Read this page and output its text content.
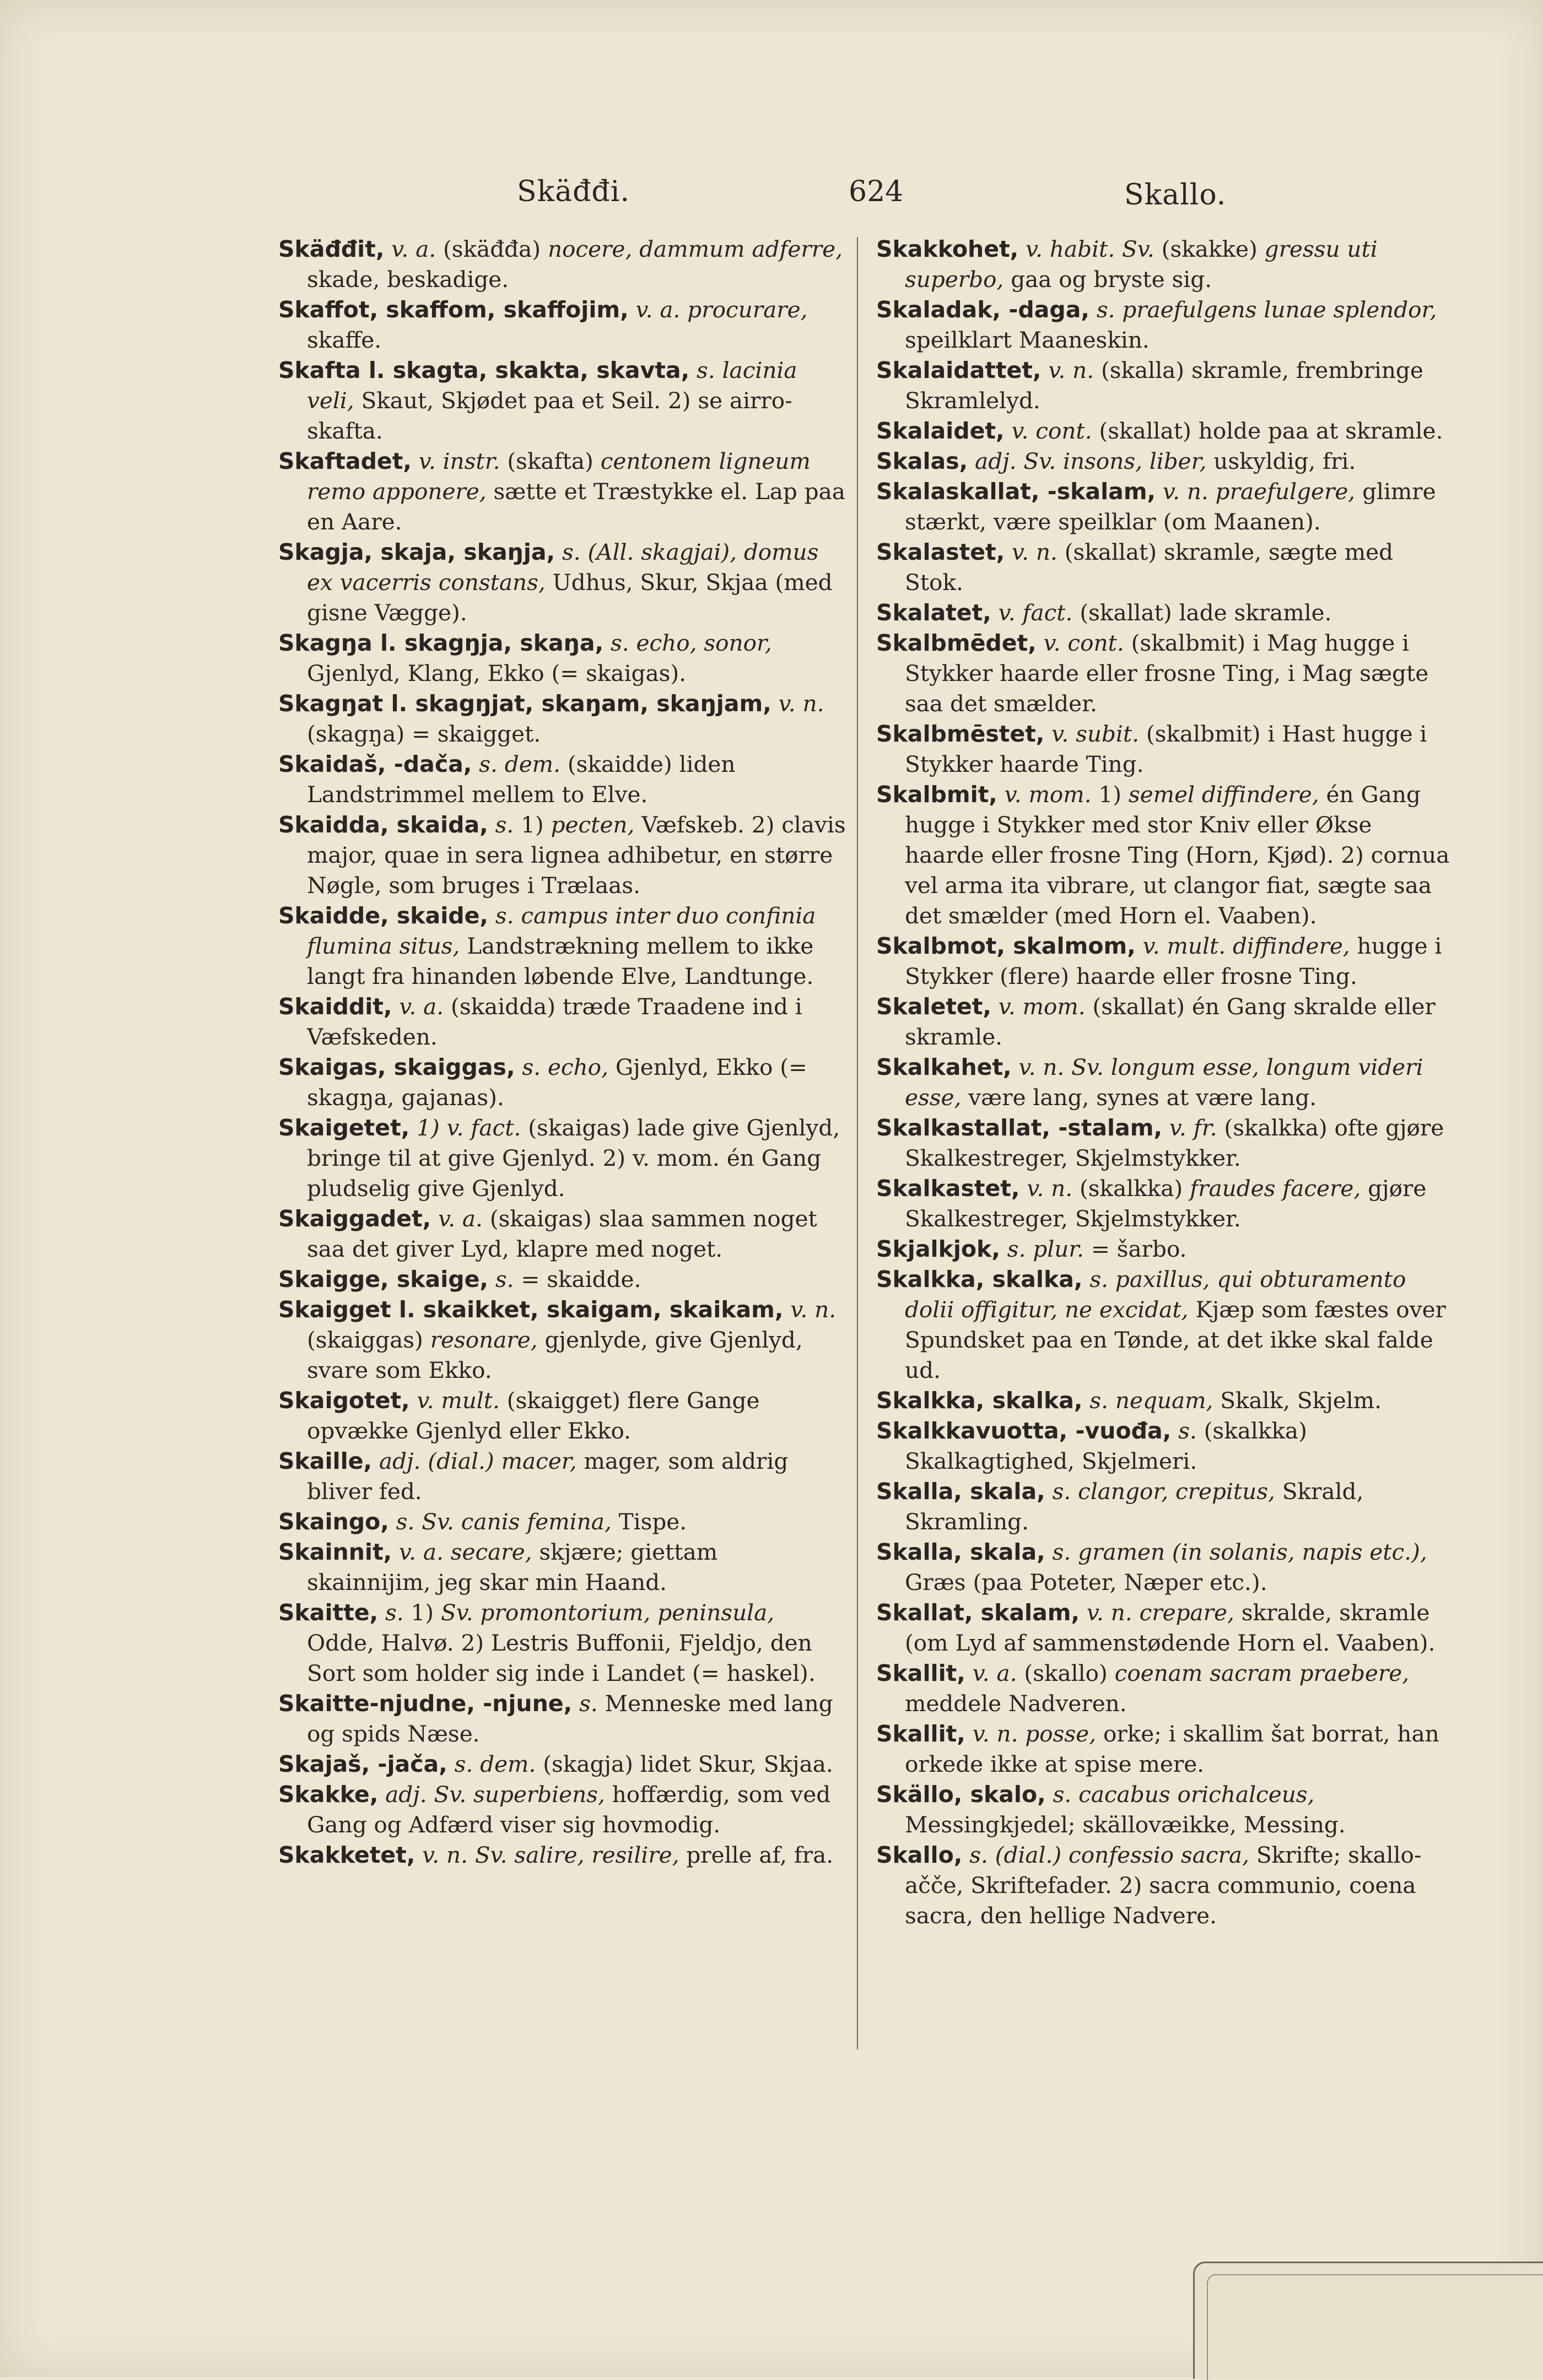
Skäđđi.	624	Skallo.

Skäđđit, v. a. (skäđđa) nocere, dammum adferre, skade, beskadige.

Skaffot, skaffom, skaffojim, v. a. procurare, skaffe.

Skafta l. skagta, skakta, skavta, s. lacinia veli, Skaut, Skjødet paa et Seil. 2) se airro-skafta.

Skaftadet, v. instr. (skafta) centonem ligneum remo apponere, sætte et Træstykke el. Lap paa en Aare.

Skagja, skaja, skaŋja, s. (All. skagjai), domus ex vacerris constans, Udhus, Skur, Skjaa (med gisne Vægge).

Skagŋa l. skagŋja, skaŋa, s. echo, sonor, Gjenlyd, Klang, Ekko (= skaigas).

Skagŋat l. skagŋjat, skaŋam, skaŋjam, v. n. (skagŋa) = skaigget.

Skaidaš, -dača, s. dem. (skaidde) liden Landstrimmel mellem to Elve.

Skaidda, skaida, s. 1) pecten, Væfskeb. 2) clavis major, quae in sera lignea adhibetur, en større Nøgle, som bruges i Trælaas.

Skaidde, skaide, s. campus inter duo confinia flumina situs, Landstrækning mellem to ikke langt fra hinanden løbende Elve, Landtunge.

Skaiddit, v. a. (skaidda) træde Traadene ind i Væfskeden.

Skaigas, skaiggas, s. echo, Gjenlyd, Ekko (= skagŋa, gajanas).

Skaigetet, 1) v. fact. (skaigas) lade give Gjenlyd, bringe til at give Gjenlyd. 2) v. mom. én Gang pludselig give Gjenlyd.

Skaiggadet, v. a. (skaigas) slaa sammen noget saa det giver Lyd, klapre med noget.

Skaigge, skaige, s. = skaidde.

Skaigget l. skaikket, skaigam, skaikam, v. n. (skaiggas) resonare, gjenlyde, give Gjenlyd, svare som Ekko.

Skaigotet, v. mult. (skaigget) flere Gange opvække Gjenlyd eller Ekko.

Skaille, adj. (dial.) macer, mager, som aldrig bliver fed.

Skaingo, s. Sv. canis femina, Tispe.

Skainnit, v. a. secare, skjære; giettam skainnijim, jeg skar min Haand.

Skaitte, s. 1) Sv. promontorium, peninsula, Odde, Halvø. 2) Lestris Buffonii, Fjeldjo, den Sort som holder sig inde i Landet (= haskel).

Skaitte-njudne, -njune, s. Menneske med lang og spids Næse.

Skajaš, -jača, s. dem. (skagja) lidet Skur, Skjaa.

Skakke, adj. Sv. superbiens, hoffærdig, som ved Gang og Adfærd viser sig hovmodig.

Skakketet, v. n. Sv. salire, resilire, prelle af, fra.

Skakkohet, v. habit. Sv. (skakke) gressu uti superbo, gaa og bryste sig.

Skaladak, -daga, s. praefulgens lunae splendor, speilklart Maaneskin.

Skalaidattet, v. n. (skalla) skramle, frembringe Skramlelyd.

Skalaidet, v. cont. (skallat) holde paa at skramle.

Skalas, adj. Sv. insons, liber, uskyldig, fri.

Skalaskallat, -skalam, v. n. praefulgere, glimre stærkt, være speilklar (om Maanen).

Skalastet, v. n. (skallat) skramle, sægte med Stok.

Skalatet, v. fact. (skallat) lade skramle.

Skalbmēdet, v. cont. (skalbmit) i Mag hugge i Stykker haarde eller frosne Ting, i Mag sægte saa det smælder.

Skalbmēstet, v. subit. (skalbmit) i Hast hugge i Stykker haarde Ting.

Skalbmit, v. mom. 1) semel diffindere, én Gang hugge i Stykker med stor Kniv eller Økse haarde eller frosne Ting (Horn, Kjød). 2) cornua vel arma ita vibrare, ut clangor fiat, sægte saa det smælder (med Horn el. Vaaben).

Skalbmot, skalmom, v. mult. diffindere, hugge i Stykker (flere) haarde eller frosne Ting.

Skaletet, v. mom. (skallat) én Gang skralde eller skramle.

Skalkahet, v. n. Sv. longum esse, longum videri esse, være lang, synes at være lang.

Skalkastallat, -stalam, v. fr. (skalkka) ofte gjøre Skalkestreger, Skjelmstykker.

Skalkastet, v. n. (skalkka) fraudes facere, gjøre Skalkestreger, Skjelmstykker.

Skjalkjok, s. plur. = šarbo.

Skalkka, skalka, s. paxillus, qui obturamento dolii offigitur, ne excidat, Kjæp som fæstes over Spundsket paa en Tønde, at det ikke skal falde ud.

Skalkka, skalka, s. nequam, Skalk, Skjelm.

Skalkkavuotta, -vuođa, s. (skalkka) Skalkagtighed, Skjelmeri.

Skalla, skala, s. clangor, crepitus, Skrald, Skramling.

Skalla, skala, s. gramen (in solanis, napis etc.), Græs (paa Poteter, Næper etc.).

Skallat, skalam, v. n. crepare, skralde, skramle (om Lyd af sammenstødende Horn el. Vaaben).

Skallit, v. a. (skallo) coenam sacram praebere, meddele Nadveren.

Skallit, v. n. posse, orke; i skallim šat borrat, han orkede ikke at spise mere.

Skällo, skalo, s. cacabus orichalceus, Messingkjedel; skällovæikke, Messing.

Skallo, s. (dial.) confessio sacra, Skrifte; skallo-ačče, Skriftefader. 2) sacra communio, coena sacra, den hellige Nadvere.
